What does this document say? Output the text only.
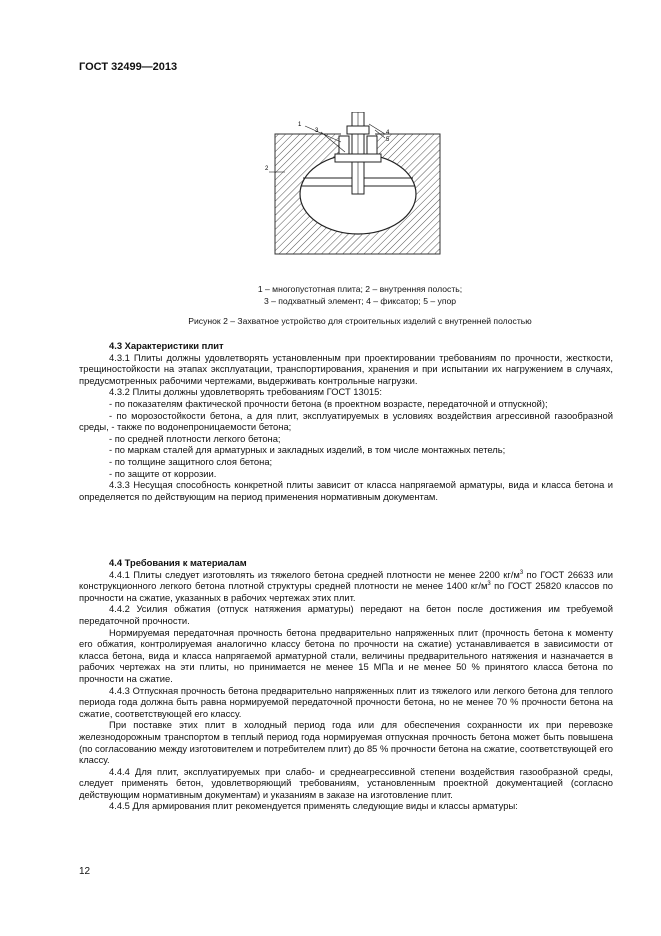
ГОСТ 32499—2013
1
3
2
4
5
1 – многопустотная плита; 2 – внутренняя полость;
3 – подхватный элемент; 4 – фиксатор; 5 – упор
Рисунок 2 – Захватное устройство для строительных изделий с внутренней полостью
4.3 Характеристики плит

4.3.1 Плиты должны удовлетворять установленным при проектировании требованиям по прочности, жесткости, трещиностойкости на этапах эксплуатации, транспортирования, хранения и при испытании их нагружением в случаях, предусмотренных рабочими чертежами, выдерживать контрольные нагрузки.

4.3.2 Плиты должны удовлетворять требованиям ГОСТ 13015:

- по показателям фактической прочности бетона (в проектном возрасте, передаточной и отпускной);

- по морозостойкости бетона, а для плит, эксплуатируемых в условиях воздействия агрессивной газообразной среды, - также по водонепроницаемости бетона;

- по средней плотности легкого бетона;

- по маркам сталей для арматурных и закладных изделий, в том числе монтажных петель;

- по толщине защитного слоя бетона;

- по защите от коррозии.

4.3.3 Несущая способность конкретной плиты зависит от класса напрягаемой арматуры, вида и класса бетона и определяется по действующим на период применения нормативным документам.

4.4 Требования к материалам

4.4.1 Плиты следует изготовлять из тяжелого бетона средней плотности не менее 2200 $кг/м^3$ по ГОСТ 26633 или конструкционного легкого бетона плотной структуры средней плотности не менее 1400 $кг/м^3$ по ГОСТ 25820 классов по прочности на сжатие, указанных в рабочих чертежах этих плит.

4.4.2 Усилия обжатия (отпуск натяжения арматуры) передают на бетон после достижения им требуемой передаточной прочности.

Нормируемая передаточная прочность бетона предварительно напряженных плит (прочность бетона к моменту его обжатия, контролируемая аналогично классу бетона по прочности на сжатие) устанавливается в зависимости от класса бетона, вида и класса напрягаемой арматурной стали, величины предварительного натяжения и назначается в рабочих чертежах на эти плиты, но принимается не менее 15 МПа и не менее 50 % принятого класса бетона по прочности на сжатие.

4.4.3 Отпускная прочность бетона предварительно напряженных плит из тяжелого или легкого бетона для теплого периода года должна быть равна нормируемой передаточной прочности бетона, но не менее 70 % прочности бетона на сжатие, соответствующей его классу.

При поставке этих плит в холодный период года или для обеспечения сохранности их при перевозке железнодорожным транспортом в теплый период года нормируемая отпускная прочность бетона может быть повышена (по согласованию между изготовителем и потребителем плит) до 85 % прочности бетона на сжатие, соответствующей его классу.

4.4.4 Для плит, эксплуатируемых при слабо- и среднеагрессивной степени воздействия газообразной среды, следует применять бетон, удовлетворяющий требованиям, установленным проектной документацией (согласно действующим нормативным документам) и указаниям в заказе на изготовление плит.

4.4.5 Для армирования плит рекомендуется применять следующие виды и классы арматуры:

12
